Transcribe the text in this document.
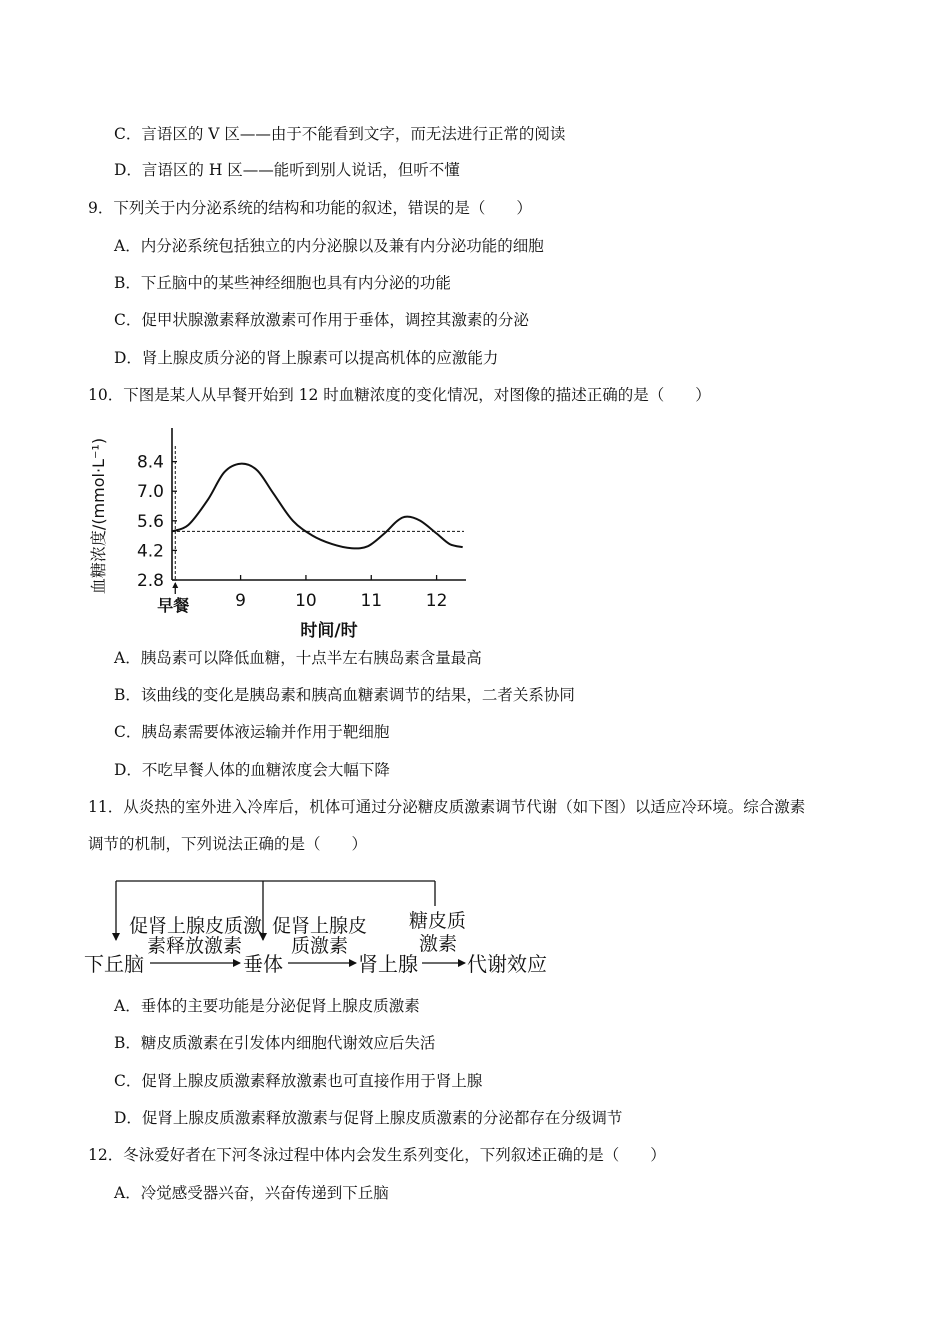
C．言语区的 V 区——由于不能看到文字，而无法进行正常的阅读
D．言语区的 H 区——能听到别人说话，但听不懂
9．下列关于内分泌系统的结构和功能的叙述，错误的是（　　）
A．内分泌系统包括独立的内分泌腺以及兼有内分泌功能的细胞
B．下丘脑中的某些神经细胞也具有内分泌的功能
C．促甲状腺激素释放激素可作用于垂体，调控其激素的分泌
D．肾上腺皮质分泌的肾上腺素可以提高机体的应激能力
10．下图是某人从早餐开始到 12 时血糖浓度的变化情况，对图像的描述正确的是（　　）
8.4
7.0
5.6
4.2
2.8
9	10	11	12
早餐
时间/时
血糖浓度/(mmol·L⁻¹)
A．胰岛素可以降低血糖，十点半左右胰岛素含量最高
B．该曲线的变化是胰岛素和胰高血糖素调节的结果，二者关系协同
C．胰岛素需要体液运输并作用于靶细胞
D．不吃早餐人体的血糖浓度会大幅下降
11．从炎热的室外进入冷库后，机体可通过分泌糖皮质激素调节代谢（如下图）以适应冷环境。综合激素
调节的机制，下列说法正确的是（　　）
下丘脑	垂体	肾上腺 代谢效应
促肾上腺皮质激
素释放激素
促肾上腺皮
质激素
糖皮质
激素
A．垂体的主要功能是分泌促肾上腺皮质激素
B．糖皮质激素在引发体内细胞代谢效应后失活
C．促肾上腺皮质激素释放激素也可直接作用于肾上腺
D．促肾上腺皮质激素释放激素与促肾上腺皮质激素的分泌都存在分级调节
12．冬泳爱好者在下河冬泳过程中体内会发生系列变化，下列叙述正确的是（　　）
A．冷觉感受器兴奋，兴奋传递到下丘脑
